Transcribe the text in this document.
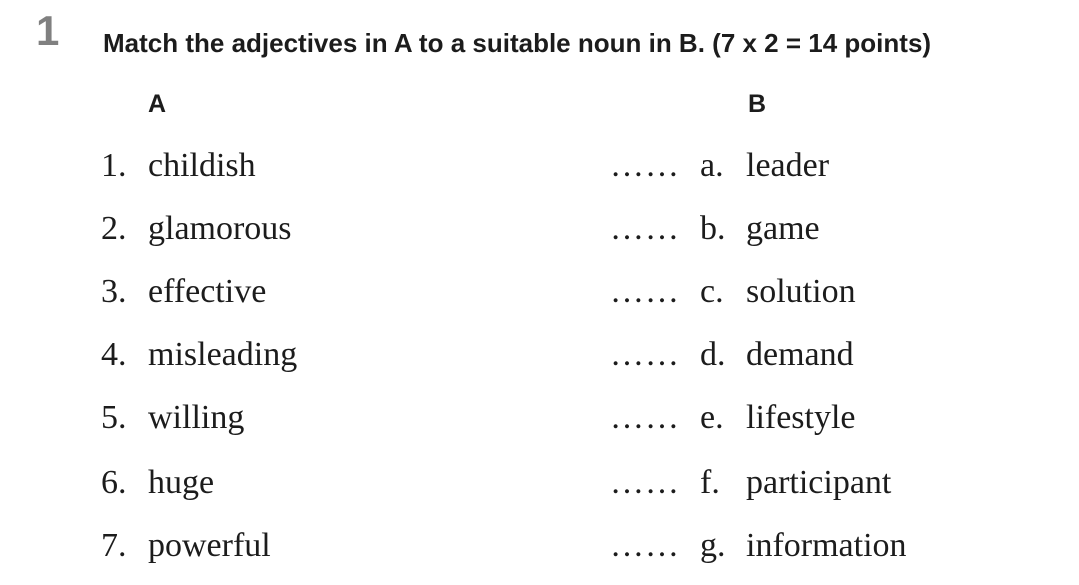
1 Match the adjectives in A to a suitable noun in B. (7 x 2 = 14 points)
A	B
1. childish	…… a. leader
2. glamorous	…… b. game
3. effective	…… c. solution
4. misleading	…… d. demand
5. willing	…… e. lifestyle
6. huge	…… f. participant
7. powerful	…… g. information
